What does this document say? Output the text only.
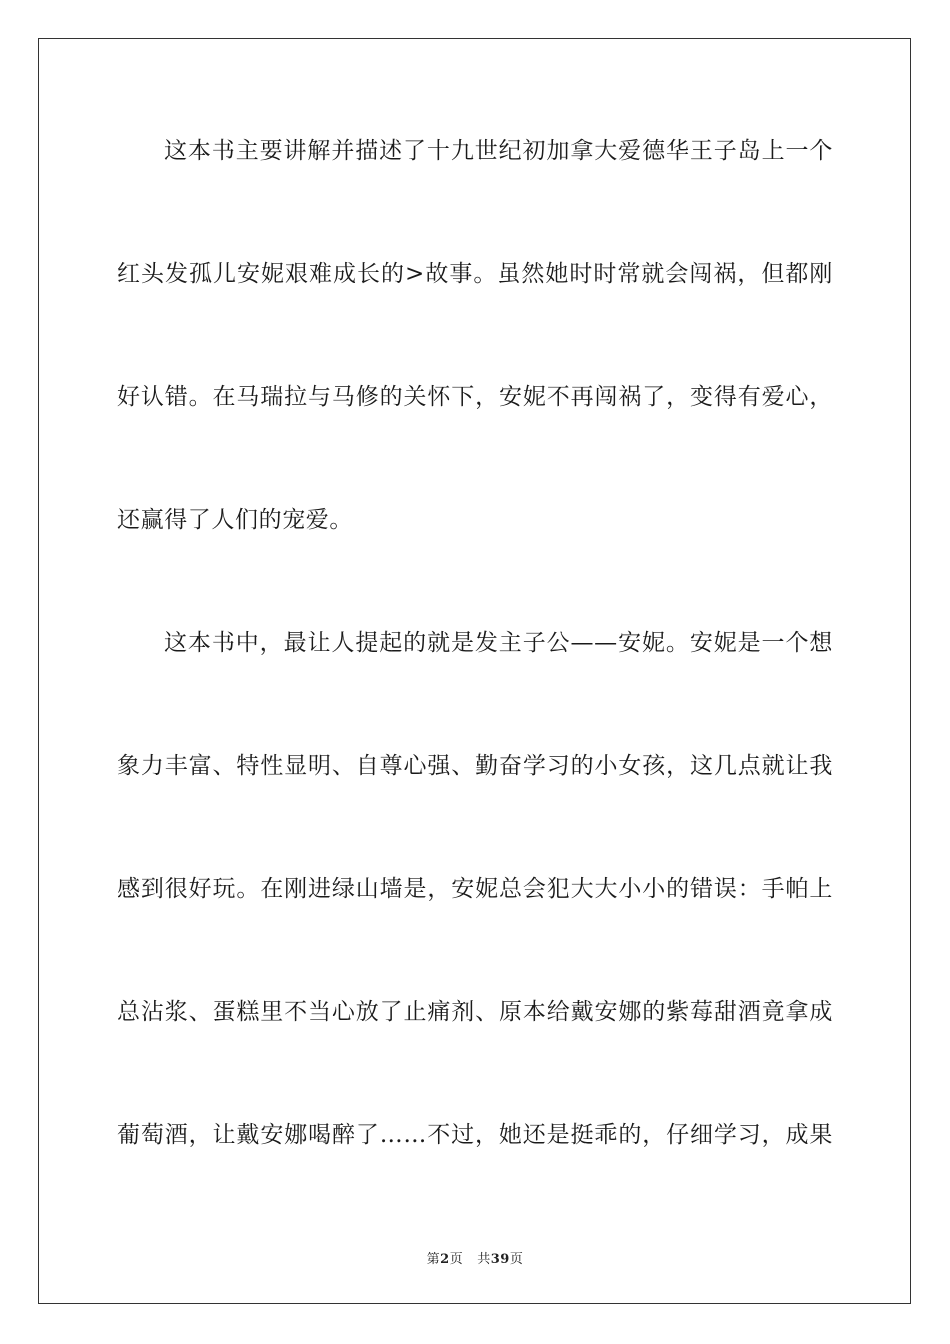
这本书主要讲解并描述了十九世纪初加拿大爱德华王子岛上一个
红头发孤儿安妮艰难成长的>故事。虽然她时时常就会闯祸，但都刚
好认错。在马瑞拉与马修的关怀下，安妮不再闯祸了，变得有爱心，
还赢得了人们的宠爱。
这本书中，最让人提起的就是发主子公——安妮。安妮是一个想
象力丰富、特性显明、自尊心强、勤奋学习的小女孩，这几点就让我
感到很好玩。在刚进绿山墙是，安妮总会犯大大小小的错误：手帕上
总沾浆、蛋糕里不当心放了止痛剂、原本给戴安娜的紫莓甜酒竟拿成
葡萄酒，让戴安娜喝醉了……不过，她还是挺乖的，仔细学习，成果
第2页 共39页
